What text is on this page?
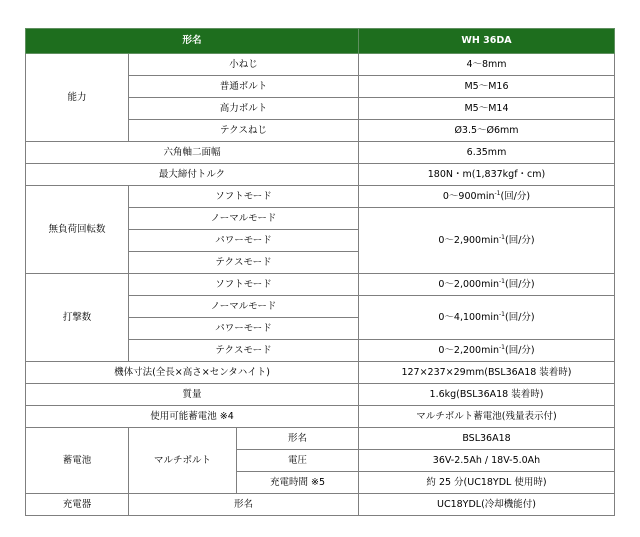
形名			WH 36DA
能力	小ねじ		4～8mm
	普通ボルト		M5～M16
	高力ボルト		M5～M14
	テクスねじ		Ø3.5～Ø6mm
六角軸二面幅			6.35mm
最大締付トルク			180N・m(1,837kgf・cm)
無負荷回転数	ソフトモード		$0\sim 900\min^{-1}$(回/分)
	ノーマルモード		$0\sim 2,900\min^{-1}$(回/分)
	パワーモード		
	テクスモード		
打撃数	ソフトモード		$0\sim 2,000\min^{-1}$(回/分)
	ノーマルモード		$0\sim 4,100\min^{-1}$(回/分)
	パワーモード		
	テクスモード		$0\sim 2,200\min^{-1}$(回/分)
機体寸法(全長×高さ×センタハイト)			127×237×29mm(BSL36A18 装着時)
質量			1.6kg(BSL36A18 装着時)
使用可能蓄電池 ※4			マルチボルト蓄電池(残量表示付)
蓄電池	マルチボルト	形名	BSL36A18
		電圧	36V-2.5Ah / 18V-5.0Ah
		充電時間 ※5	約 25 分(UC18YDL 使用時)
充電器	形名		UC18YDL(冷却機能付)
